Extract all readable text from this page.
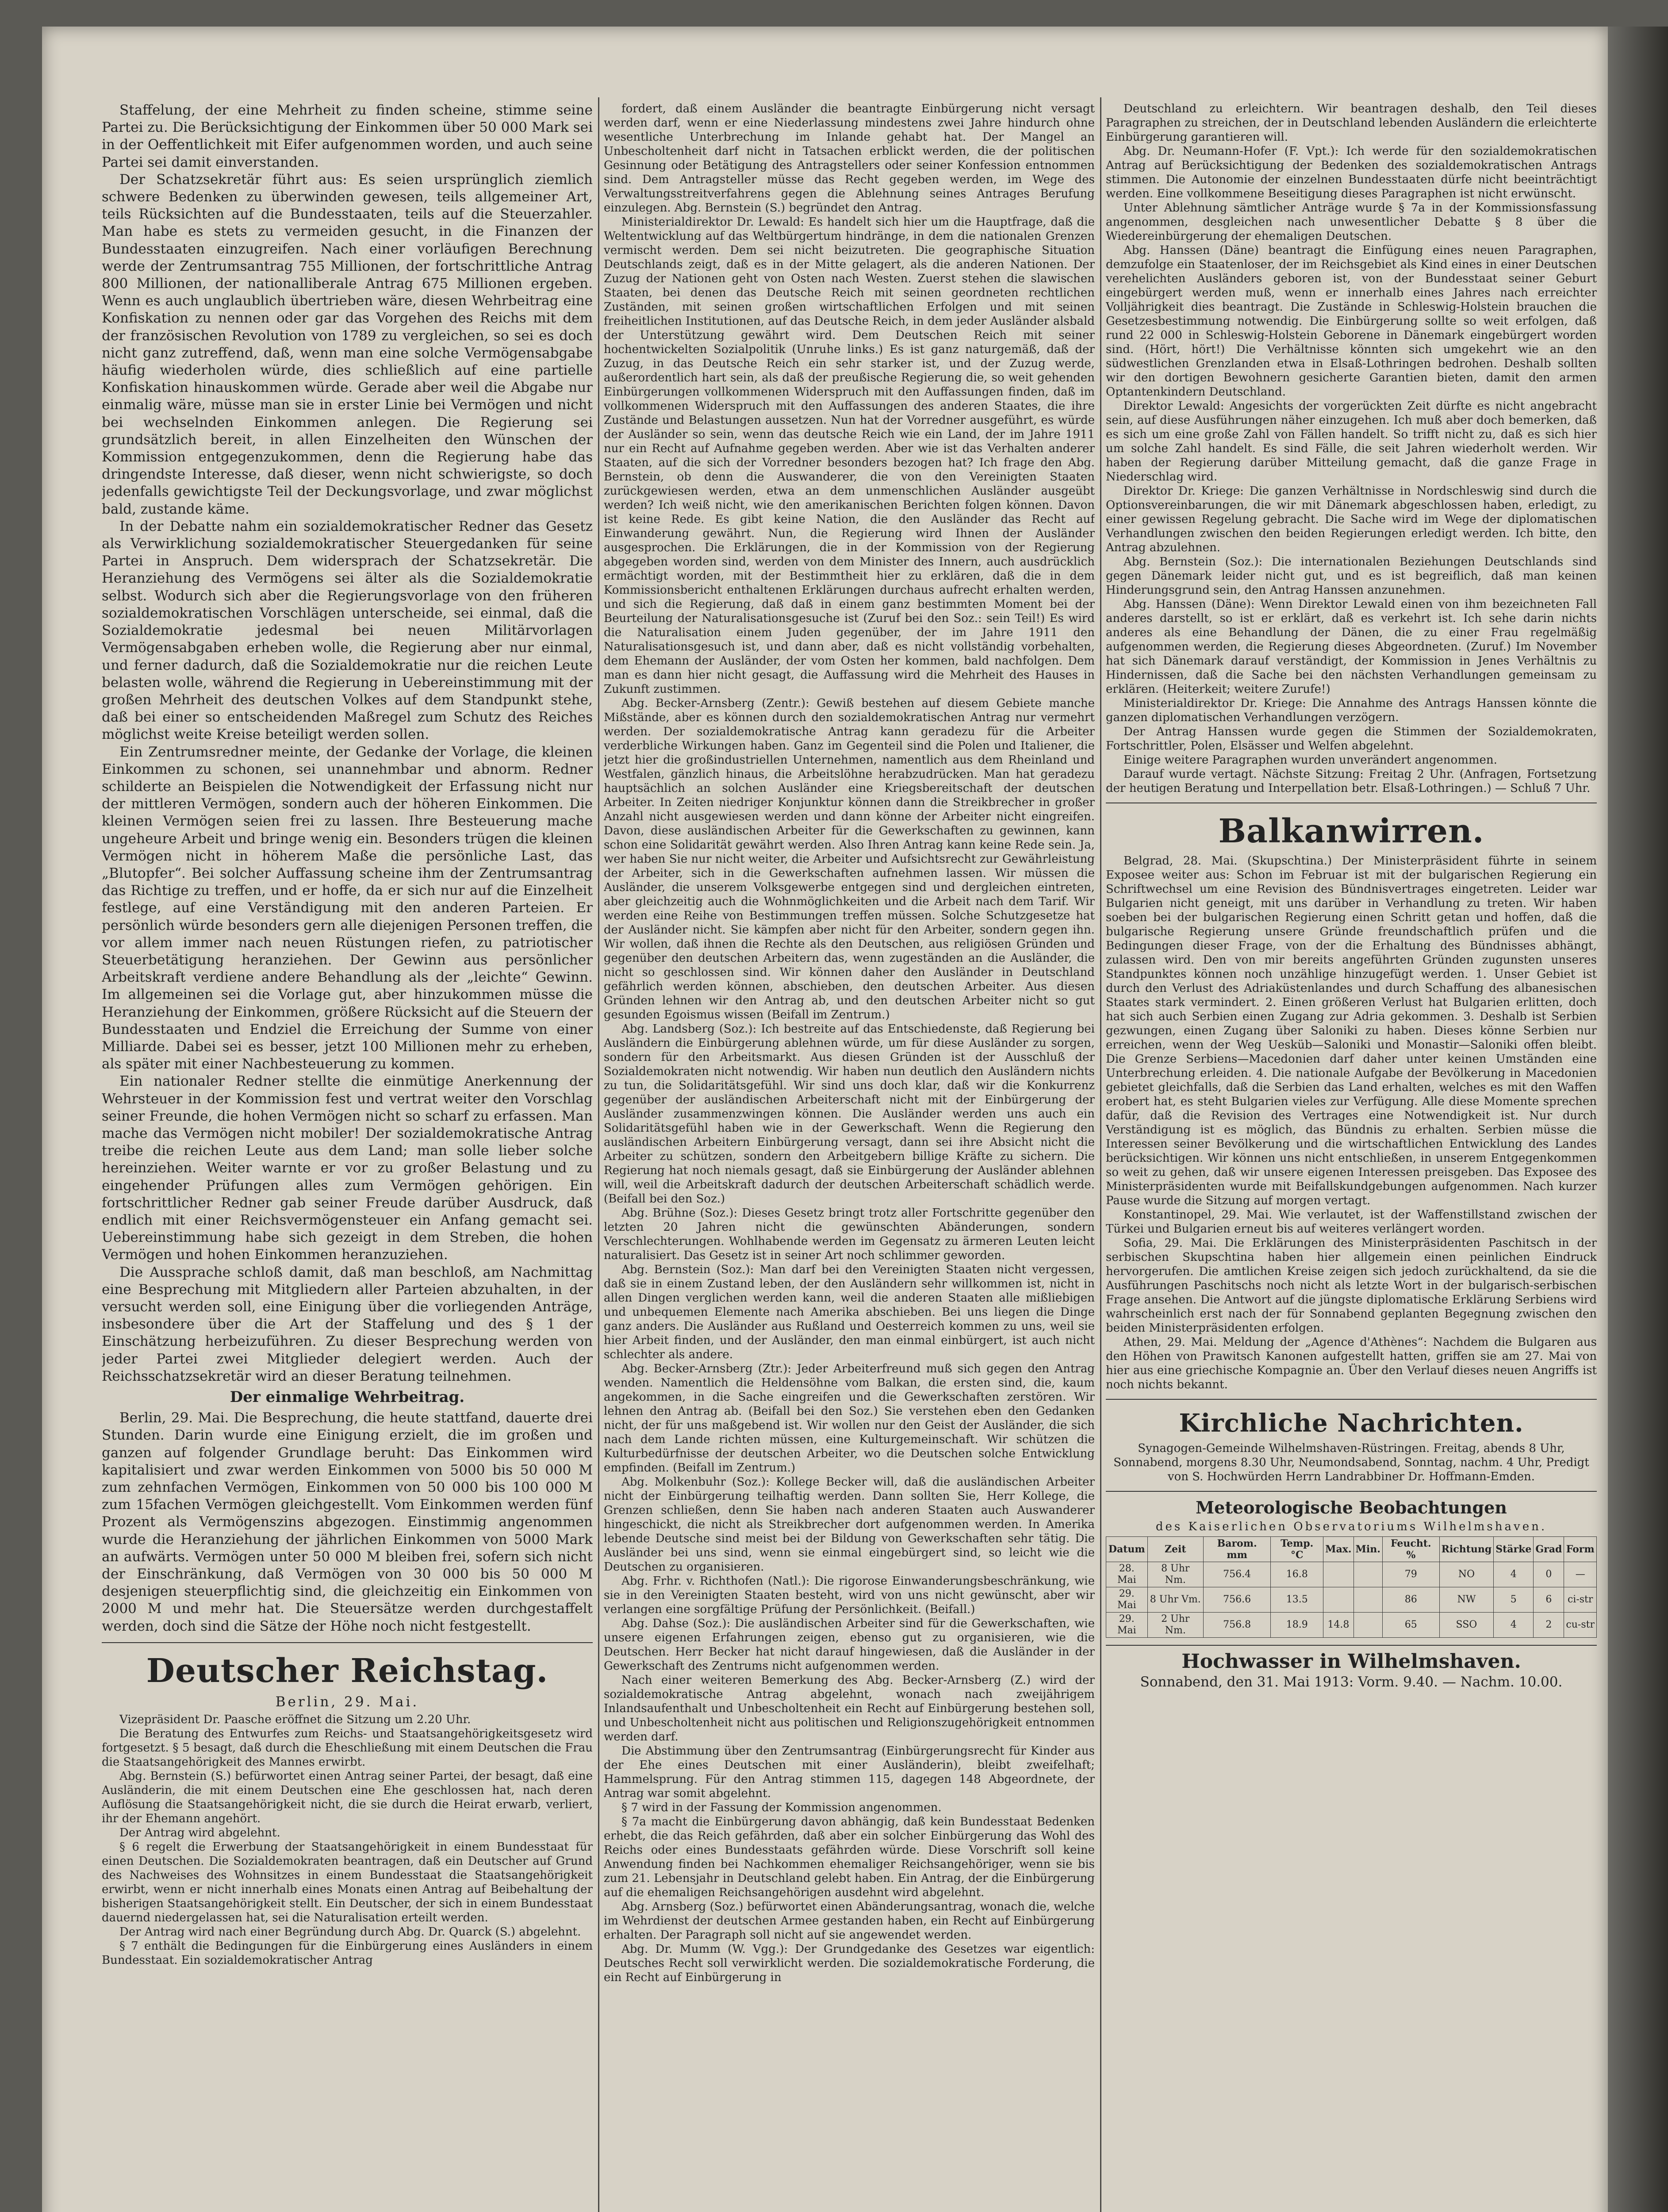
Staffelung, der eine Mehrheit zu finden scheine, stimme seine Partei zu. Die Berücksichtigung der Einkommen über 50 000 Mark sei in der Oeffentlichkeit mit Eifer aufgenommen worden, und auch seine Partei sei damit einverstanden.

Der Schatzsekretär führt aus: Es seien ursprünglich ziemlich schwere Bedenken zu überwinden gewesen, teils allgemeiner Art, teils Rücksichten auf die Bundesstaaten, teils auf die Steuerzahler. Man habe es stets zu vermeiden gesucht, in die Finanzen der Bundesstaaten einzugreifen. Nach einer vorläufigen Berechnung werde der Zentrumsantrag 755 Millionen, der fortschrittliche Antrag 800 Millionen, der nationalliberale Antrag 675 Millionen ergeben. Wenn es auch unglaublich übertrieben wäre, diesen Wehrbeitrag eine Konfiskation zu nennen oder gar das Vorgehen des Reichs mit dem der französischen Revolution von 1789 zu vergleichen, so sei es doch nicht ganz zutreffend, daß, wenn man eine solche Vermögensabgabe häufig wiederholen würde, dies schließlich auf eine partielle Konfiskation hinauskommen würde. Gerade aber weil die Abgabe nur einmalig wäre, müsse man sie in erster Linie bei Vermögen und nicht bei wechselnden Einkommen anlegen. Die Regierung sei grundsätzlich bereit, in allen Einzelheiten den Wünschen der Kommission entgegenzukommen, denn die Regierung habe das dringendste Interesse, daß dieser, wenn nicht schwierigste, so doch jedenfalls gewichtigste Teil der Deckungsvorlage, und zwar möglichst bald, zustande käme.

In der Debatte nahm ein sozialdemokratischer Redner das Gesetz als Verwirklichung sozialdemokratischer Steuergedanken für seine Partei in Anspruch. Dem widersprach der Schatzsekretär. Die Heranziehung des Vermögens sei älter als die Sozialdemokratie selbst. Wodurch sich aber die Regierungsvorlage von den früheren sozialdemokratischen Vorschlägen unterscheide, sei einmal, daß die Sozialdemokratie jedesmal bei neuen Militärvorlagen Vermögensabgaben erheben wolle, die Regierung aber nur einmal, und ferner dadurch, daß die Sozialdemokratie nur die reichen Leute belasten wolle, während die Regierung in Uebereinstimmung mit der großen Mehrheit des deutschen Volkes auf dem Standpunkt stehe, daß bei einer so entscheidenden Maßregel zum Schutz des Reiches möglichst weite Kreise beteiligt werden sollen.

Ein Zentrumsredner meinte, der Gedanke der Vorlage, die kleinen Einkommen zu schonen, sei unannehmbar und abnorm. Redner schilderte an Beispielen die Notwendigkeit der Erfassung nicht nur der mittleren Vermögen, sondern auch der höheren Einkommen. Die kleinen Vermögen seien frei zu lassen. Ihre Besteuerung mache ungeheure Arbeit und bringe wenig ein. Besonders trügen die kleinen Vermögen nicht in höherem Maße die persönliche Last, das „Blutopfer“. Bei solcher Auffassung scheine ihm der Zentrumsantrag das Richtige zu treffen, und er hoffe, da er sich nur auf die Einzelheit festlege, auf eine Verständigung mit den anderen Parteien. Er persönlich würde besonders gern alle diejenigen Personen treffen, die vor allem immer nach neuen Rüstungen riefen, zu patriotischer Steuerbetätigung heranziehen. Der Gewinn aus persönlicher Arbeitskraft verdiene andere Behandlung als der „leichte“ Gewinn. Im allgemeinen sei die Vorlage gut, aber hinzukommen müsse die Heranziehung der Einkommen, größere Rücksicht auf die Steuern der Bundesstaaten und Endziel die Erreichung der Summe von einer Milliarde. Dabei sei es besser, jetzt 100 Millionen mehr zu erheben, als später mit einer Nachbesteuerung zu kommen.

Ein nationaler Redner stellte die einmütige Anerkennung der Wehrsteuer in der Kommission fest und vertrat weiter den Vorschlag seiner Freunde, die hohen Vermögen nicht so scharf zu erfassen. Man mache das Vermögen nicht mobiler! Der sozialdemokratische Antrag treibe die reichen Leute aus dem Land; man solle lieber solche hereinziehen. Weiter warnte er vor zu großer Belastung und zu eingehender Prüfungen alles zum Vermögen gehörigen. Ein fortschrittlicher Redner gab seiner Freude darüber Ausdruck, daß endlich mit einer Reichsvermögensteuer ein Anfang gemacht sei. Uebereinstimmung habe sich gezeigt in dem Streben, die hohen Vermögen und hohen Einkommen heranzuziehen.

Die Aussprache schloß damit, daß man beschloß, am Nachmittag eine Besprechung mit Mitgliedern aller Parteien abzuhalten, in der versucht werden soll, eine Einigung über die vorliegenden Anträge, insbesondere über die Art der Staffelung und des § 1 der Einschätzung herbeizuführen. Zu dieser Besprechung werden von jeder Partei zwei Mitglieder delegiert werden. Auch der Reichsschatzsekretär wird an dieser Beratung teilnehmen.

Der einmalige Wehrbeitrag.

Berlin, 29. Mai. Die Besprechung, die heute stattfand, dauerte drei Stunden. Darin wurde eine Einigung erzielt, die im großen und ganzen auf folgender Grundlage beruht: Das Einkommen wird kapitalisiert und zwar werden Einkommen von 5000 bis 50 000 M zum zehnfachen Vermögen, Einkommen von 50 000 bis 100 000 M zum 15fachen Vermögen gleichgestellt. Vom Einkommen werden fünf Prozent als Vermögenszins abgezogen. Einstimmig angenommen wurde die Heranziehung der jährlichen Einkommen von 5000 Mark an aufwärts. Vermögen unter 50 000 M bleiben frei, sofern sich nicht der Einschränkung, daß Vermögen von 30 000 bis 50 000 M desjenigen steuerpflichtig sind, die gleichzeitig ein Einkommen von 2000 M und mehr hat. Die Steuersätze werden durchgestaffelt werden, doch sind die Sätze der Höhe noch nicht festgestellt.

Deutscher Reichstag.
Berlin, 29. Mai.

Vizepräsident Dr. Paasche eröffnet die Sitzung um 2.20 Uhr.

Die Beratung des Entwurfes zum Reichs- und Staatsangehörigkeitsgesetz wird fortgesetzt. § 5 besagt, daß durch die Eheschließung mit einem Deutschen die Frau die Staatsangehörigkeit des Mannes erwirbt.

Abg. Bernstein (S.) befürwortet einen Antrag seiner Partei, der besagt, daß eine Ausländerin, die mit einem Deutschen eine Ehe geschlossen hat, nach deren Auflösung die Staatsangehörigkeit nicht, die sie durch die Heirat erwarb, verliert, ihr der Ehemann angehört.

Der Antrag wird abgelehnt.

§ 6 regelt die Erwerbung der Staatsangehörigkeit in einem Bundesstaat für einen Deutschen. Die Sozialdemokraten beantragen, daß ein Deutscher auf Grund des Nachweises des Wohnsitzes in einem Bundesstaat die Staatsangehörigkeit erwirbt, wenn er nicht innerhalb eines Monats einen Antrag auf Beibehaltung der bisherigen Staatsangehörigkeit stellt. Ein Deutscher, der sich in einem Bundesstaat dauernd niedergelassen hat, sei die Naturalisation erteilt werden.

Der Antrag wird nach einer Begründung durch Abg. Dr. Quarck (S.) abgelehnt.

§ 7 enthält die Bedingungen für die Einbürgerung eines Ausländers in einem Bundesstaat. Ein sozialdemokratischer Antrag

fordert, daß einem Ausländer die beantragte Einbürgerung nicht versagt werden darf, wenn er eine Niederlassung mindestens zwei Jahre hindurch ohne wesentliche Unterbrechung im Inlande gehabt hat. Der Mangel an Unbescholtenheit darf nicht in Tatsachen erblickt werden, die der politischen Gesinnung oder Betätigung des Antragstellers oder seiner Konfession entnommen sind. Dem Antragsteller müsse das Recht gegeben werden, im Wege des Verwaltungsstreitverfahrens gegen die Ablehnung seines Antrages Berufung einzulegen. Abg. Bernstein (S.) begründet den Antrag.

Ministerialdirektor Dr. Lewald: Es handelt sich hier um die Hauptfrage, daß die Weltentwicklung auf das Weltbürgertum hindränge, in dem die nationalen Grenzen vermischt werden. Dem sei nicht beizutreten. Die geographische Situation Deutschlands zeigt, daß es in der Mitte gelagert, als die anderen Nationen. Der Zuzug der Nationen geht von Osten nach Westen. Zuerst stehen die slawischen Staaten, bei denen das Deutsche Reich mit seinen geordneten rechtlichen Zuständen, mit seinen großen wirtschaftlichen Erfolgen und mit seinen freiheitlichen Institutionen, auf das Deutsche Reich, in dem jeder Ausländer alsbald der Unterstützung gewährt wird. Dem Deutschen Reich mit seiner hochentwickelten Sozialpolitik (Unruhe links.) Es ist ganz naturgemäß, daß der Zuzug, in das Deutsche Reich ein sehr starker ist, und der Zuzug werde, außerordentlich hart sein, als daß der preußische Regierung die, so weit gehenden Einbürgerungen vollkommenen Widerspruch mit den Auffassungen finden, daß im vollkommenen Widerspruch mit den Auffassungen des anderen Staates, die ihre Zustände und Belastungen aussetzen. Nun hat der Vorredner ausgeführt, es würde der Ausländer so sein, wenn das deutsche Reich wie ein Land, der im Jahre 1911 nur ein Recht auf Aufnahme gegeben werden. Aber wie ist das Verhalten anderer Staaten, auf die sich der Vorredner besonders bezogen hat? Ich frage den Abg. Bernstein, ob denn die Auswanderer, die von den Vereinigten Staaten zurückgewiesen werden, etwa an dem unmenschlichen Ausländer ausgeübt werden? Ich weiß nicht, wie den amerikanischen Berichten folgen können. Davon ist keine Rede. Es gibt keine Nation, die den Ausländer das Recht auf Einwanderung gewährt. Nun, die Regierung wird Ihnen der Ausländer ausgesprochen. Die Erklärungen, die in der Kommission von der Regierung abgegeben worden sind, werden von dem Minister des Innern, auch ausdrücklich ermächtigt worden, mit der Bestimmtheit hier zu erklären, daß die in dem Kommissionsbericht enthaltenen Erklärungen durchaus aufrecht erhalten werden, und sich die Regierung, daß daß in einem ganz bestimmten Moment bei der Beurteilung der Naturalisationsgesuche ist (Zuruf bei den Soz.: sein Teil!) Es wird die Naturalisation einem Juden gegenüber, der im Jahre 1911 den Naturalisationsgesuch ist, und dann aber, daß es nicht vollständig vorbehalten, dem Ehemann der Ausländer, der vom Osten her kommen, bald nachfolgen. Dem man es dann hier nicht gesagt, die Auffassung wird die Mehrheit des Hauses in Zukunft zustimmen.

Abg. Becker-Arnsberg (Zentr.): Gewiß bestehen auf diesem Gebiete manche Mißstände, aber es können durch den sozialdemokratischen Antrag nur vermehrt werden. Der sozialdemokratische Antrag kann geradezu für die Arbeiter verderbliche Wirkungen haben. Ganz im Gegenteil sind die Polen und Italiener, die jetzt hier die großindustriellen Unternehmen, namentlich aus dem Rheinland und Westfalen, gänzlich hinaus, die Arbeitslöhne herabzudrücken. Man hat geradezu hauptsächlich an solchen Ausländer eine Kriegsbereitschaft der deutschen Arbeiter. In Zeiten niedriger Konjunktur können dann die Streikbrecher in großer Anzahl nicht ausgewiesen werden und dann könne der Arbeiter nicht eingreifen. Davon, diese ausländischen Arbeiter für die Gewerkschaften zu gewinnen, kann schon eine Solidarität gewährt werden. Also Ihren Antrag kann keine Rede sein. Ja, wer haben Sie nur nicht weiter, die Arbeiter und Aufsichtsrecht zur Gewährleistung der Arbeiter, sich in die Gewerkschaften aufnehmen lassen. Wir müssen die Ausländer, die unserem Volksgewerbe entgegen sind und dergleichen eintreten, aber gleichzeitig auch die Wohnmöglichkeiten und die Arbeit nach dem Tarif. Wir werden eine Reihe von Bestimmungen treffen müssen. Solche Schutzgesetze hat der Ausländer nicht. Sie kämpfen aber nicht für den Arbeiter, sondern gegen ihn. Wir wollen, daß ihnen die Rechte als den Deutschen, aus religiösen Gründen und gegenüber den deutschen Arbeitern das, wenn zugeständen an die Ausländer, die nicht so geschlossen sind. Wir können daher den Ausländer in Deutschland gefährlich werden können, abschieben, den deutschen Arbeiter. Aus diesen Gründen lehnen wir den Antrag ab, und den deutschen Arbeiter nicht so gut gesunden Egoismus wissen (Beifall im Zentrum.)

Abg. Landsberg (Soz.): Ich bestreite auf das Entschiedenste, daß Regierung bei Ausländern die Einbürgerung ablehnen würde, um für diese Ausländer zu sorgen, sondern für den Arbeitsmarkt. Aus diesen Gründen ist der Ausschluß der Sozialdemokraten nicht notwendig. Wir haben nun deutlich den Ausländern nichts zu tun, die Solidaritätsgefühl. Wir sind uns doch klar, daß wir die Konkurrenz gegenüber der ausländischen Arbeiterschaft nicht mit der Einbürgerung der Ausländer zusammenzwingen können. Die Ausländer werden uns auch ein Solidaritätsgefühl haben wie in der Gewerkschaft. Wenn die Regierung den ausländischen Arbeitern Einbürgerung versagt, dann sei ihre Absicht nicht die Arbeiter zu schützen, sondern den Arbeitgebern billige Kräfte zu sichern. Die Regierung hat noch niemals gesagt, daß sie Einbürgerung der Ausländer ablehnen will, weil die Arbeitskraft dadurch der deutschen Arbeiterschaft schädlich werde. (Beifall bei den Soz.)

Abg. Brühne (Soz.): Dieses Gesetz bringt trotz aller Fortschritte gegenüber den letzten 20 Jahren nicht die gewünschten Abänderungen, sondern Verschlechterungen. Wohlhabende werden im Gegensatz zu ärmeren Leuten leicht naturalisiert. Das Gesetz ist in seiner Art noch schlimmer geworden.

Abg. Bernstein (Soz.): Man darf bei den Vereinigten Staaten nicht vergessen, daß sie in einem Zustand leben, der den Ausländern sehr willkommen ist, nicht in allen Dingen verglichen werden kann, weil die anderen Staaten alle mißliebigen und unbequemen Elemente nach Amerika abschieben. Bei uns liegen die Dinge ganz anders. Die Ausländer aus Rußland und Oesterreich kommen zu uns, weil sie hier Arbeit finden, und der Ausländer, den man einmal einbürgert, ist auch nicht schlechter als andere.

Abg. Becker-Arnsberg (Ztr.): Jeder Arbeiterfreund muß sich gegen den Antrag wenden. Namentlich die Heldensöhne vom Balkan, die ersten sind, die, kaum angekommen, in die Sache eingreifen und die Gewerkschaften zerstören. Wir lehnen den Antrag ab. (Beifall bei den Soz.) Sie verstehen eben den Gedanken nicht, der für uns maßgebend ist. Wir wollen nur den Geist der Ausländer, die sich nach dem Lande richten müssen, eine Kulturgemeinschaft. Wir schützen die Kulturbedürfnisse der deutschen Arbeiter, wo die Deutschen solche Entwicklung empfinden. (Beifall im Zentrum.)

Abg. Molkenbuhr (Soz.): Kollege Becker will, daß die ausländischen Arbeiter nicht der Einbürgerung teilhaftig werden. Dann sollten Sie, Herr Kollege, die Grenzen schließen, denn Sie haben nach anderen Staaten auch Auswanderer hingeschickt, die nicht als Streikbrecher dort aufgenommen werden. In Amerika lebende Deutsche sind meist bei der Bildung von Gewerkschaften sehr tätig. Die Ausländer bei uns sind, wenn sie einmal eingebürgert sind, so leicht wie die Deutschen zu organisieren.

Abg. Frhr. v. Richthofen (Natl.): Die rigorose Einwanderungsbeschränkung, wie sie in den Vereinigten Staaten besteht, wird von uns nicht gewünscht, aber wir verlangen eine sorgfältige Prüfung der Persönlichkeit. (Beifall.)

Abg. Dahse (Soz.): Die ausländischen Arbeiter sind für die Gewerkschaften, wie unsere eigenen Erfahrungen zeigen, ebenso gut zu organisieren, wie die Deutschen. Herr Becker hat nicht darauf hingewiesen, daß die Ausländer in der Gewerkschaft des Zentrums nicht aufgenommen werden.

Nach einer weiteren Bemerkung des Abg. Becker-Arnsberg (Z.) wird der sozialdemokratische Antrag abgelehnt, wonach nach zweijährigem Inlandsaufenthalt und Unbescholtenheit ein Recht auf Einbürgerung bestehen soll, und Unbescholtenheit nicht aus politischen und Religionszugehörigkeit entnommen werden darf.

Die Abstimmung über den Zentrumsantrag (Einbürgerungsrecht für Kinder aus der Ehe eines Deutschen mit einer Ausländerin), bleibt zweifelhaft; Hammelsprung. Für den Antrag stimmen 115, dagegen 148 Abgeordnete, der Antrag war somit abgelehnt.

§ 7 wird in der Fassung der Kommission angenommen.

§ 7a macht die Einbürgerung davon abhängig, daß kein Bundesstaat Bedenken erhebt, die das Reich gefährden, daß aber ein solcher Einbürgerung das Wohl des Reichs oder eines Bundesstaats gefährden würde. Diese Vorschrift soll keine Anwendung finden bei Nachkommen ehemaliger Reichsangehöriger, wenn sie bis zum 21. Lebensjahr in Deutschland gelebt haben. Ein Antrag, der die Einbürgerung auf die ehemaligen Reichsangehörigen ausdehnt wird abgelehnt.

Abg. Arnsberg (Soz.) befürwortet einen Abänderungsantrag, wonach die, welche im Wehrdienst der deutschen Armee gestanden haben, ein Recht auf Einbürgerung erhalten. Der Paragraph soll nicht auf sie angewendet werden.

Abg. Dr. Mumm (W. Vgg.): Der Grundgedanke des Gesetzes war eigentlich: Deutsches Recht soll verwirklicht werden. Die sozialdemokratische Forderung, die ein Recht auf Einbürgerung in

Deutschland zu erleichtern. Wir beantragen deshalb, den Teil dieses Paragraphen zu streichen, der in Deutschland lebenden Ausländern die erleichterte Einbürgerung garantieren will.

Abg. Dr. Neumann-Hofer (F. Vpt.): Ich werde für den sozialdemokratischen Antrag auf Berücksichtigung der Bedenken des sozialdemokratischen Antrags stimmen. Die Autonomie der einzelnen Bundesstaaten dürfe nicht beeinträchtigt werden. Eine vollkommene Beseitigung dieses Paragraphen ist nicht erwünscht.

Unter Ablehnung sämtlicher Anträge wurde § 7a in der Kommissionsfassung angenommen, desgleichen nach unwesentlicher Debatte § 8 über die Wiedereinbürgerung der ehemaligen Deutschen.

Abg. Hanssen (Däne) beantragt die Einfügung eines neuen Paragraphen, demzufolge ein Staatenloser, der im Reichsgebiet als Kind eines in einer Deutschen verehelichten Ausländers geboren ist, von der Bundesstaat seiner Geburt eingebürgert werden muß, wenn er innerhalb eines Jahres nach erreichter Volljährigkeit dies beantragt. Die Zustände in Schleswig-Holstein brauchen die Gesetzesbestimmung notwendig. Die Einbürgerung sollte so weit erfolgen, daß rund 22 000 in Schleswig-Holstein Geborene in Dänemark eingebürgert worden sind. (Hört, hört!) Die Verhältnisse könnten sich umgekehrt wie an den südwestlichen Grenzlanden etwa in Elsaß-Lothringen bedrohen. Deshalb sollten wir den dortigen Bewohnern gesicherte Garantien bieten, damit den armen Optantenkindern Deutschland.

Direktor Lewald: Angesichts der vorgerückten Zeit dürfte es nicht angebracht sein, auf diese Ausführungen näher einzugehen. Ich muß aber doch bemerken, daß es sich um eine große Zahl von Fällen handelt. So trifft nicht zu, daß es sich hier um solche Zahl handelt. Es sind Fälle, die seit Jahren wiederholt werden. Wir haben der Regierung darüber Mitteilung gemacht, daß die ganze Frage in Niederschlag wird.

Direktor Dr. Kriege: Die ganzen Verhältnisse in Nordschleswig sind durch die Optionsvereinbarungen, die wir mit Dänemark abgeschlossen haben, erledigt, zu einer gewissen Regelung gebracht. Die Sache wird im Wege der diplomatischen Verhandlungen zwischen den beiden Regierungen erledigt werden. Ich bitte, den Antrag abzulehnen.

Abg. Bernstein (Soz.): Die internationalen Beziehungen Deutschlands sind gegen Dänemark leider nicht gut, und es ist begreiflich, daß man keinen Hinderungsgrund sein, den Antrag Hanssen anzunehmen.

Abg. Hanssen (Däne): Wenn Direktor Lewald einen von ihm bezeichneten Fall anderes darstellt, so ist er erklärt, daß es verkehrt ist. Ich sehe darin nichts anderes als eine Behandlung der Dänen, die zu einer Frau regelmäßig aufgenommen werden, die Regierung dieses Abgeordneten. (Zuruf.) Im November hat sich Dänemark darauf verständigt, der Kommission in Jenes Verhältnis zu Hindernissen, daß die Sache bei den nächsten Verhandlungen gemeinsam zu erklären. (Heiterkeit; weitere Zurufe!)

Ministerialdirektor Dr. Kriege: Die Annahme des Antrags Hanssen könnte die ganzen diplomatischen Verhandlungen verzögern.

Der Antrag Hanssen wurde gegen die Stimmen der Sozialdemokraten, Fortschrittler, Polen, Elsässer und Welfen abgelehnt.

Einige weitere Paragraphen wurden unverändert angenommen.

Darauf wurde vertagt. Nächste Sitzung: Freitag 2 Uhr. (Anfragen, Fortsetzung der heutigen Beratung und Interpellation betr. Elsaß-Lothringen.) — Schluß 7 Uhr.

Balkanwirren.

Belgrad, 28. Mai. (Skupschtina.) Der Ministerpräsident führte in seinem Exposee weiter aus: Schon im Februar ist mit der bulgarischen Regierung ein Schriftwechsel um eine Revision des Bündnisvertrages eingetreten. Leider war Bulgarien nicht geneigt, mit uns darüber in Verhandlung zu treten. Wir haben soeben bei der bulgarischen Regierung einen Schritt getan und hoffen, daß die bulgarische Regierung unsere Gründe freundschaftlich prüfen und die Bedingungen dieser Frage, von der die Erhaltung des Bündnisses abhängt, zulassen wird. Den von mir bereits angeführten Gründen zugunsten unseres Standpunktes können noch unzählige hinzugefügt werden. 1. Unser Gebiet ist durch den Verlust des Adriaküstenlandes und durch Schaffung des albanesischen Staates stark vermindert. 2. Einen größeren Verlust hat Bulgarien erlitten, doch hat sich auch Serbien einen Zugang zur Adria gekommen. 3. Deshalb ist Serbien gezwungen, einen Zugang über Saloniki zu haben. Dieses könne Serbien nur erreichen, wenn der Weg Uesküb—Saloniki und Monastir—Saloniki offen bleibt. Die Grenze Serbiens—Macedonien darf daher unter keinen Umständen eine Unterbrechung erleiden. 4. Die nationale Aufgabe der Bevölkerung in Macedonien gebietet gleichfalls, daß die Serbien das Land erhalten, welches es mit den Waffen erobert hat, es steht Bulgarien vieles zur Verfügung. Alle diese Momente sprechen dafür, daß die Revision des Vertrages eine Notwendigkeit ist. Nur durch Verständigung ist es möglich, das Bündnis zu erhalten. Serbien müsse die Interessen seiner Bevölkerung und die wirtschaftlichen Entwicklung des Landes berücksichtigen. Wir können uns nicht entschließen, in unserem Entgegenkommen so weit zu gehen, daß wir unsere eigenen Interessen preisgeben. Das Exposee des Ministerpräsidenten wurde mit Beifallskundgebungen aufgenommen. Nach kurzer Pause wurde die Sitzung auf morgen vertagt.

Konstantinopel, 29. Mai. Wie verlautet, ist der Waffenstillstand zwischen der Türkei und Bulgarien erneut bis auf weiteres verlängert worden.

Sofia, 29. Mai. Die Erklärungen des Ministerpräsidenten Paschitsch in der serbischen Skupschtina haben hier allgemein einen peinlichen Eindruck hervorgerufen. Die amtlichen Kreise zeigen sich jedoch zurückhaltend, da sie die Ausführungen Paschitschs noch nicht als letzte Wort in der bulgarisch-serbischen Frage ansehen. Die Antwort auf die jüngste diplomatische Erklärung Serbiens wird wahrscheinlich erst nach der für Sonnabend geplanten Begegnung zwischen den beiden Ministerpräsidenten erfolgen.

Athen, 29. Mai. Meldung der „Agence d'Athènes“: Nachdem die Bulgaren aus den Höhen von Prawitsch Kanonen aufgestellt hatten, griffen sie am 27. Mai von hier aus eine griechische Kompagnie an. Über den Verlauf dieses neuen Angriffs ist noch nichts bekannt.

Kirchliche Nachrichten.

Synagogen-Gemeinde Wilhelmshaven-Rüstringen. Freitag, abends 8 Uhr, Sonnabend, morgens 8.30 Uhr, Neumondsabend, Sonntag, nachm. 4 Uhr, Predigt von S. Hochwürden Herrn Landrabbiner Dr. Hoffmann-Emden.

Meteorologische Beobachtungen
des Kaiserlichen Observatoriums Wilhelmshaven.
Datum	Zeit	Barom. mm	Temp. °C	Max.	Min.	Feucht. %	Richtung	Stärke	Grad	Form
28. Mai	8 Uhr Nm.	756.4	16.8			79	NO	4	0	—
29. Mai	8 Uhr Vm.	756.6	13.5			86	NW	5	6	ci-str
29. Mai	2 Uhr Nm.	756.8	18.9	14.8		65	SSO	4	2	cu-str
Hochwasser in Wilhelmshaven.

Sonnabend, den 31. Mai 1913: Vorm. 9.40. — Nachm. 10.00.
